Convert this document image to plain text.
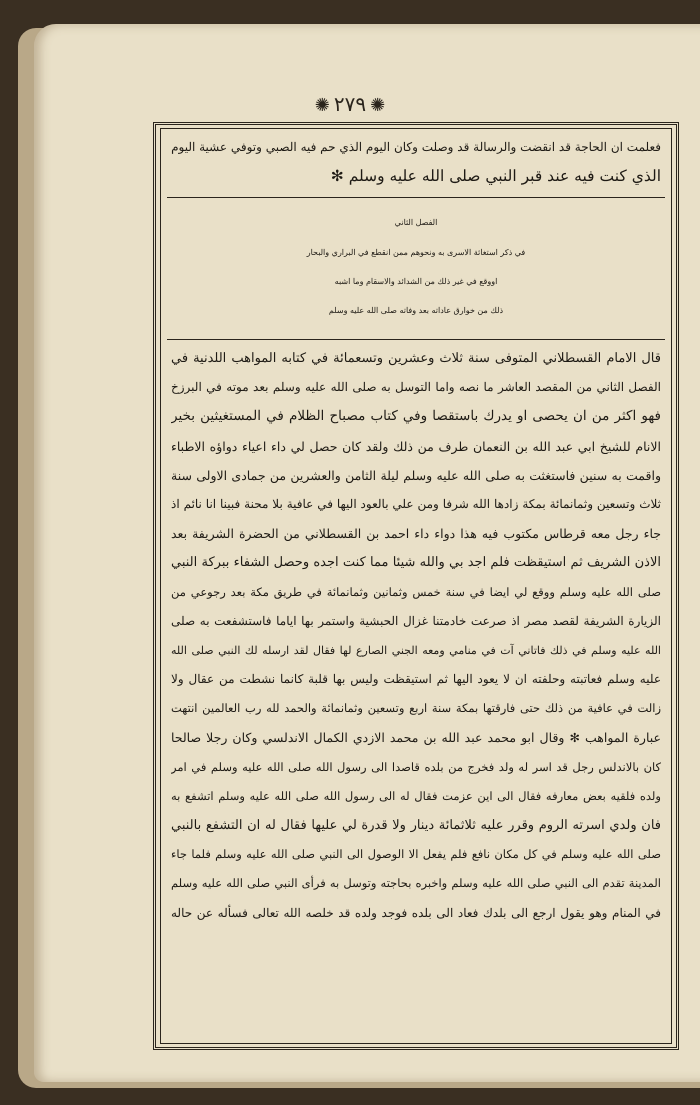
✺٢٧٩✺
فعلمت ان الحاجة قد انقضت والرسالة قد وصلت وكان اليوم الذي حم فيه الصبي وتوفي عشية اليوم
الذي كنت فيه عند قبر النبي صلى الله عليه وسلم ✻
الفصل الثاني
في ذكر استغاثة الاسرى به ونحوهم ممن انقطع في البراري والبحار
اووقع في غير ذلك من الشدائد والاسقام وما اشبه
ذلك من خوارق عاداته بعد وفاته صلى الله عليه وسلم
قال الامام القسطلاني المتوفى سنة ثلاث وعشرين وتسعمائة في كتابه المواهب اللدنية في
الفصل الثاني من المقصد العاشر ما نصه واما التوسل به صلى الله عليه وسلم بعد موته في البرزخ
فهو اكثر من ان يحصى او يدرك باستقصا وفي كتاب مصباح الظلام في المستغيثين بخير
الانام للشيخ ابي عبد الله بن النعمان طرف من ذلك ولقد كان حصل لي داء اعياء دواؤه الاطباء
واقمت به سنين فاستغثت به صلى الله عليه وسلم ليلة الثامن والعشرين من جمادى الاولى سنة
ثلاث وتسعين وثمانمائة بمكة زادها الله شرفا ومن علي بالعود اليها في عافية بلا محنة فبينا انا نائم اذ
جاء رجل معه قرطاس مكتوب فيه هذا دواء داء احمد بن القسطلاني من الحضرة الشريفة بعد
الاذن الشريف ثم استيقظت فلم اجد بي والله شيئا مما كنت اجده وحصل الشفاء ببركة النبي
صلى الله عليه وسلم ووقع لي ايضا في سنة خمس وثمانين وثمانمائة في طريق مكة بعد رجوعي من
الزيارة الشريفة لقصد مصر اذ صرعت خادمتنا غزال الحبشية واستمر بها اياما فاستشفعت به صلى
الله عليه وسلم في ذلك فاتاني آت في منامي ومعه الجني الصارع لها فقال لقد ارسله لك النبي صلى الله
عليه وسلم فعاتبته وحلفته ان لا يعود اليها ثم استيقظت وليس بها قلبة كانما نشطت من عقال ولا
زالت في عافية من ذلك حتى فارقتها بمكة سنة اربع وتسعين وثمانمائة والحمد لله رب العالمين انتهت
عبارة المواهب ✻ وقال ابو محمد عبد الله بن محمد الازدي الكمال الاندلسي وكان رجلا صالحا
كان بالاندلس رجل قد اسر له ولد فخرج من بلده قاصدا الى رسول الله صلى الله عليه وسلم في امر
ولده فلقيه بعض معارفه فقال الى اين عزمت فقال له الى رسول الله صلى الله عليه وسلم اتشفع به
فان ولدي اسرته الروم وقرر عليه ثلاثمائة دينار ولا قدرة لي عليها فقال له ان التشفع بالنبي
صلى الله عليه وسلم في كل مكان نافع فلم يفعل الا الوصول الى النبي صلى الله عليه وسلم فلما جاء
المدينة تقدم الى النبي صلى الله عليه وسلم واخبره بحاجته وتوسل به فرأى النبي صلى الله عليه وسلم
في المنام وهو يقول ارجع الى بلدك فعاد الى بلده فوجد ولده قد خلصه الله تعالى فسأله عن حاله
